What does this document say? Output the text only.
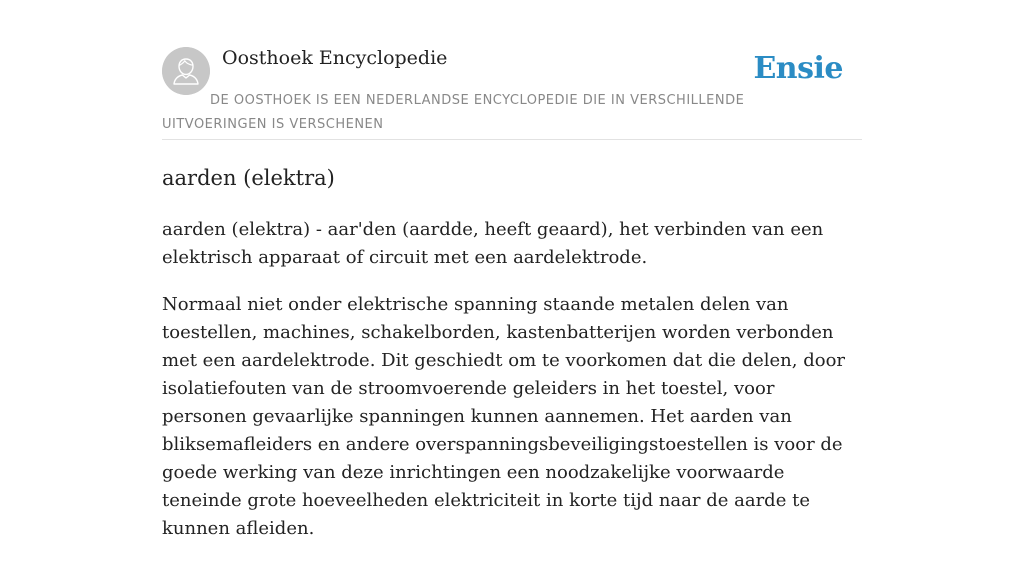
Oosthoek Encyclopedie	Ensie
DE OOSTHOEK IS EEN NEDERLANDSE ENCYCLOPEDIE DIE IN VERSCHILLENDE UITVOERINGEN IS VERSCHENEN
aarden (elektra)

aarden (elektra) - aar'den (aardde, heeft geaard), het verbinden van een elektrisch apparaat of circuit met een aardelektrode.

Normaal niet onder elektrische spanning staande metalen delen van toestellen, machines, schakelborden, kastenbatterijen worden verbonden met een aardelektrode. Dit geschiedt om te voorkomen dat die delen, door isolatiefouten van de stroomvoerende geleiders in het toestel, voor personen gevaarlijke spanningen kunnen aannemen. Het aarden van bliksemafleiders en andere overspanningsbeveiligingstoestellen is voor de goede werking van deze inrichtingen een noodzakelijke voorwaarde teneinde grote hoeveelheden elektriciteit in korte tijd naar de aarde te kunnen afleiden.
